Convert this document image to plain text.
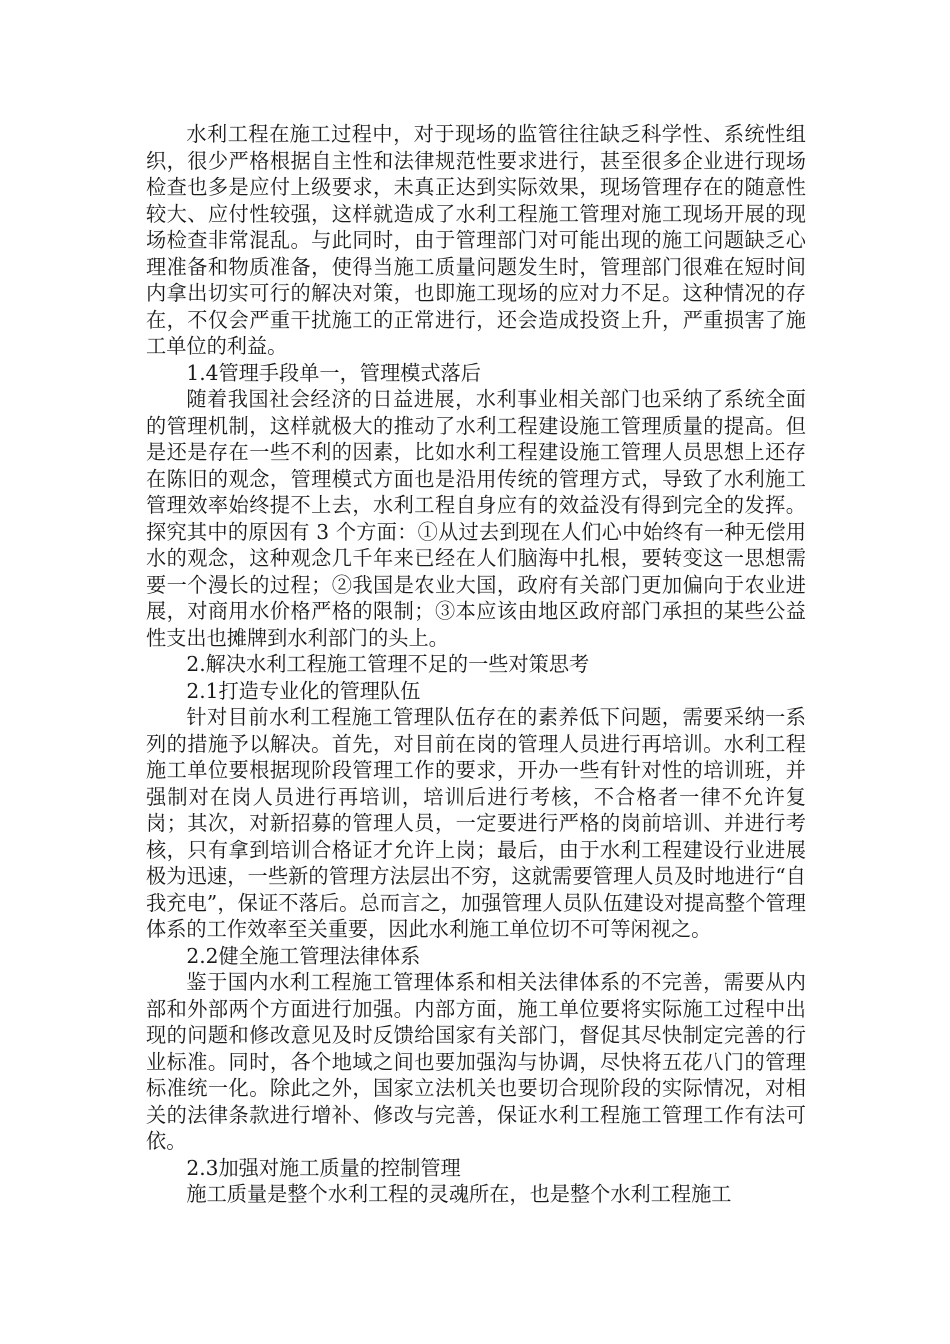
水利工程在施工过程中，对于现场的监管往往缺乏科学性、系统性组织，很少严格根据自主性和法律规范性要求进行，甚至很多企业进行现场检查也多是应付上级要求，未真正达到实际效果，现场管理存在的随意性较大、应付性较强，这样就造成了水利工程施工管理对施工现场开展的现场检查非常混乱。与此同时，由于管理部门对可能出现的施工问题缺乏心理准备和物质准备，使得当施工质量问题发生时，管理部门很难在短时间内拿出切实可行的解决对策，也即施工现场的应对力不足。这种情况的存在，不仅会严重干扰施工的正常进行，还会造成投资上升，严重损害了施工单位的利益。

1.4管理手段单一，管理模式落后

随着我国社会经济的日益进展，水利事业相关部门也采纳了系统全面的管理机制，这样就极大的推动了水利工程建设施工管理质量的提高。但是还是存在一些不利的因素，比如水利工程建设施工管理人员思想上还存在陈旧的观念，管理模式方面也是沿用传统的管理方式，导致了水利施工管理效率始终提不上去，水利工程自身应有的效益没有得到完全的发挥。探究其中的原因有 3 个方面：①从过去到现在人们心中始终有一种无偿用水的观念，这种观念几千年来已经在人们脑海中扎根，要转变这一思想需要一个漫长的过程；②我国是农业大国，政府有关部门更加偏向于农业进展，对商用水价格严格的限制；③本应该由地区政府部门承担的某些公益性支出也摊牌到水利部门的头上。

2.解决水利工程施工管理不足的一些对策思考

2.1打造专业化的管理队伍

针对目前水利工程施工管理队伍存在的素养低下问题，需要采纳一系列的措施予以解决。首先，对目前在岗的管理人员进行再培训。水利工程施工单位要根据现阶段管理工作的要求，开办一些有针对性的培训班，并强制对在岗人员进行再培训，培训后进行考核，不合格者一律不允许复岗；其次，对新招募的管理人员，一定要进行严格的岗前培训、并进行考核，只有拿到培训合格证才允许上岗；最后，由于水利工程建设行业进展极为迅速，一些新的管理方法层出不穷，这就需要管理人员及时地进行“自我充电”，保证不落后。总而言之，加强管理人员队伍建设对提高整个管理体系的工作效率至关重要，因此水利施工单位切不可等闲视之。

2.2健全施工管理法律体系

鉴于国内水利工程施工管理体系和相关法律体系的不完善，需要从内部和外部两个方面进行加强。内部方面，施工单位要将实际施工过程中出现的问题和修改意见及时反馈给国家有关部门，督促其尽快制定完善的行业标准。同时，各个地域之间也要加强沟与协调，尽快将五花八门的管理标准统一化。除此之外，国家立法机关也要切合现阶段的实际情况，对相关的法律条款进行增补、修改与完善，保证水利工程施工管理工作有法可依。

2.3加强对施工质量的控制管理

施工质量是整个水利工程的灵魂所在，也是整个水利工程施工
